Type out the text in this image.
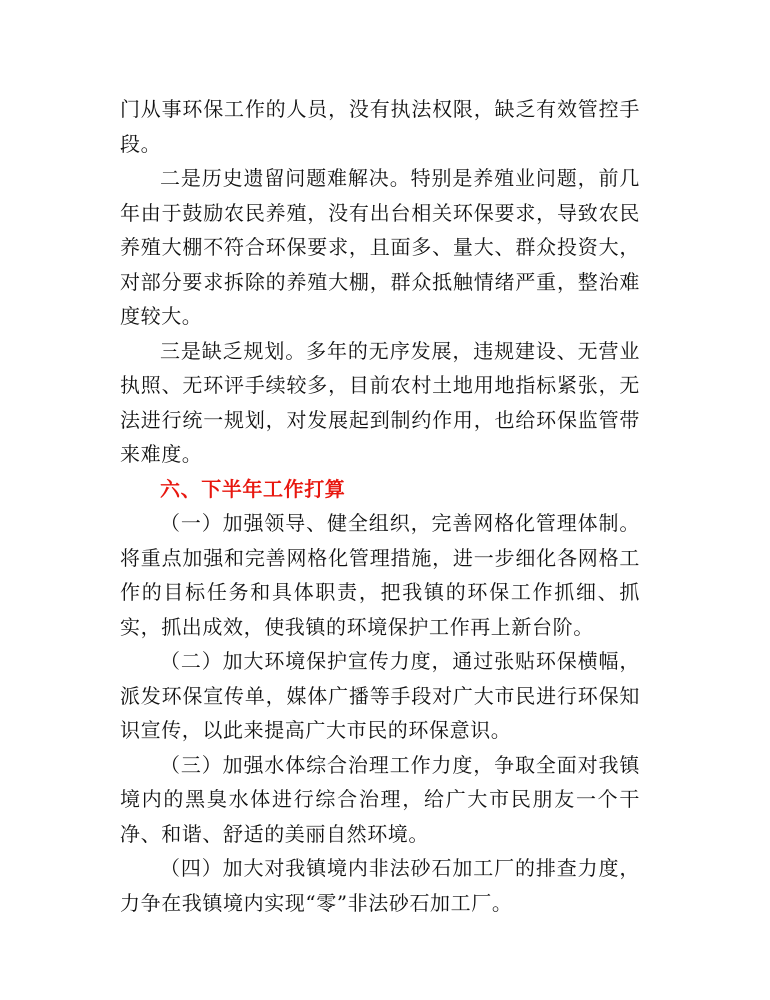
门从事环保工作的人员，没有执法权限，缺乏有效管控手段。

二是历史遗留问题难解决。特别是养殖业问题，前几年由于鼓励农民养殖，没有出台相关环保要求，导致农民养殖大棚不符合环保要求，且面多、量大、群众投资大，对部分要求拆除的养殖大棚，群众抵触情绪严重，整治难度较大。

三是缺乏规划。多年的无序发展，违规建设、无营业执照、无环评手续较多，目前农村土地用地指标紧张，无法进行统一规划，对发展起到制约作用，也给环保监管带来难度。

六、下半年工作打算

（一）加强领导、健全组织，完善网格化管理体制。将重点加强和完善网格化管理措施，进一步细化各网格工作的目标任务和具体职责，把我镇的环保工作抓细、抓实，抓出成效，使我镇的环境保护工作再上新台阶。

（二）加大环境保护宣传力度，通过张贴环保横幅，派发环保宣传单，媒体广播等手段对广大市民进行环保知识宣传，以此来提高广大市民的环保意识。

（三）加强水体综合治理工作力度，争取全面对我镇境内的黑臭水体进行综合治理，给广大市民朋友一个干净、和谐、舒适的美丽自然环境。

（四）加大对我镇境内非法砂石加工厂的排查力度，力争在我镇境内实现“零”非法砂石加工厂。
